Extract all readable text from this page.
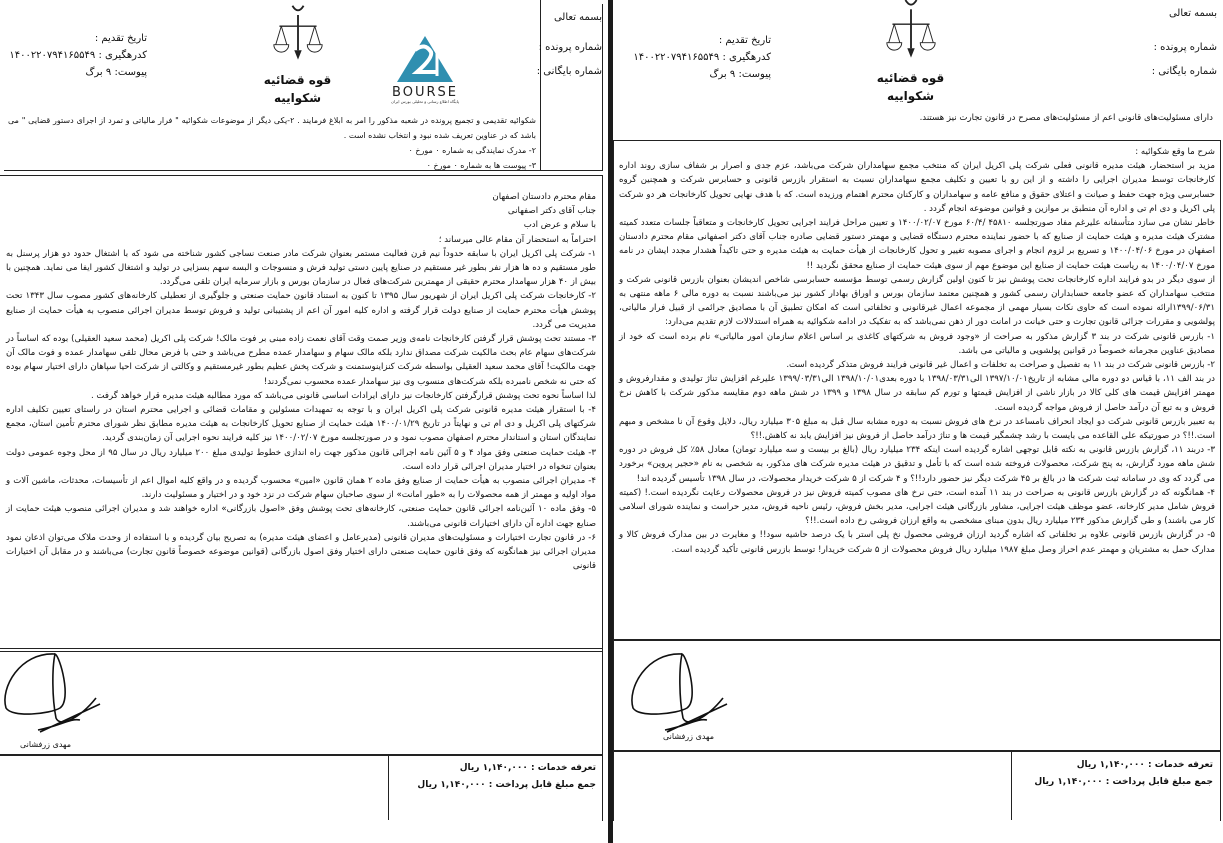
بسمه تعالی
شماره پرونده :
شماره بایگانی :
تاریخ تقدیم :
کدرهگیری : ۱۴۰۰۲۲۰۷۹۴۱۶۵۵۴۹
پیوست: ۹ برگ
قوه قضائیه
شکواییه	BOURSE
پایگاه اطلاع رسانی و تحلیلی بورس ایران

شکوائیه تقدیمی و تجمیع پرونده در شعبه مذکور را امر به ابلاغ فرمایند . ۲-یکی دیگر از موضوعات شکوائیه " فرار مالیاتی و تمرد از اجرای دستور قضایی " می باشد که در عناوین تعریف شده نبود و انتخاب نشده است .

۲- مدرک نمایندگی به شماره ۰ مورخ ۰

۳- پیوست ها به شماره ۰ مورخ ۰

مقام محترم دادستان اصفهان

جناب آقای دکتر اصفهانی

با سلام و عرض ادب

احتراماً به استحضار آن مقام عالی میرساند ؛

۱- شرکت پلی اکریل ایران با سابقه حدوداً نیم قرن فعالیت مستمر بعنوان شرکت مادر صنعت نساجی کشور شناخته می شود که با اشتغال حدود دو هزار پرسنل به طور مستقیم و ده ها هزار نفر بطور غیر مستقیم در صنایع پایین دستی تولید فرش و منسوجات و البسه سهم بسزایی در تولید و اشتغال کشور ایفا می نماید. همچنین با بیش از ۴۰ هزار سهامدار محترم حقیقی از مهمترین شرکت‌های فعال در سازمان بورس و بازار سرمایه ایران تلقی می‌گردد.

۲- کارخانجات شرکت پلی اکریل ایران از شهریور سال ۱۳۹۵ تا کنون به استناد قانون حمایت صنعتی و جلوگیری از تعطیلی کارخانه‌های کشور مصوب سال ۱۳۴۳ تحت پوشش هیأت محترم حمایت از صنایع دولت قرار گرفته و اداره کلیه امور آن اعم از پشتیبانی تولید و فروش توسط مدیران اجرائی منصوب به هیأت حمایت از صنایع مدیریت می گردد.

۳- مستند تحت پوشش قرار گرفتن کارخانجات نامه‌ی وزیر صمت وقت آقای نعمت زاده مبنی بر فوت مالک! شرکت پلی اکریل (محمد سعید العقیلی) بوده که اساساً در شرکت‌های سهام عام بحث مالکیت شرکت مصداق ندارد بلکه مالک سهام و سهامدار عمده مطرح می‌باشد و حتی با فرض محال تلقی سهامدار عمده و فوت مالک آن جهت مالکیت! آقای محمد سعید العقیلی بواسطه شرکت کنزاینوستمنت و شرکت پخش عظیم بطور غیرمستقیم و وکالتی از شرکت احیا سپاهان دارای اختیار سهام بوده که حتی نه شخص نامبرده بلکه شرکت‌های منسوب وی نیز سهامدار عمده محسوب نمی‌گردند!

لذا اساساً نحوه تحت پوشش قرارگرفتن کارخانجات نیز دارای ایرادات اساسی قانونی می‌باشد که مورد مطالبه هیئت مدیره قرار خواهد گرفت .

۴- با استقرار هیئت مدیره قانونی شرکت پلی اکریل ایران و با توجه به تمهیدات مسئولین و مقامات قضائی و اجرایی محترم استان در راستای تعیین تکلیف اداره شرکتهای پلی اکریل و دی ام تی و نهایتاً در تاریخ ۱۴۰۰/۰۱/۲۹ هیئت حمایت از صنایع تحویل کارخانجات به هیئت مدیره مطابق نظر شورای محترم تأمین استان، مجمع نمایندگان استان و استاندار محترم اصفهان مصوب نمود و در صورتجلسه مورخ ۱۴۰۰/۰۲/۰۷ نیز کلیه فرایند نحوه اجرایی آن زمان‌بندی گردید.

۳- هیئت حمایت صنعتی وفق مواد ۴ و ۵ آئین نامه اجرائی قانون مذکور جهت راه اندازی خطوط تولیدی مبلغ ۲۰۰ میلیارد ریال در سال ۹۵ از محل وجوه عمومی دولت بعنوان تنخواه در اختیار مدیران اجرائی قرار داده است.

۴- مدیران اجرائی منصوب به هیأت حمایت از صنایع وفق ماده ۲ همان قانون «امین» محسوب گردیده و در واقع کلیه اموال اعم از تأسیسات، محدثات، ماشین آلات و مواد اولیه و مهمتر از همه محصولات را به «طور امانت» از سوی صاحبان سهام شرکت در نزد خود و در اختیار و مسئولیت دارند.

۵- وفق ماده ۱۰ آئین‌نامه اجرائی قانون حمایت صنعتی، کارخانه‌های تحت پوشش وفق «اصول بازرگانی» اداره خواهند شد و مدیران اجرائی منصوب هیئت حمایت از صنایع جهت اداره آن دارای اختیارات قانونی می‌باشند.

۶- در قانون تجارت اختیارات و مسئولیت‌های مدیران قانونی (مدیرعامل و اعضای هیئت مدیره) به تصریح بیان گردیده و با استفاده از وحدت ملاک می‌توان اذعان نمود مدیران اجرائی نیز همانگونه که وفق قانون حمایت صنعتی دارای اختیار وفق اصول بازرگانی (قوانین موضوعه خصوصاً قانون تجارت) می‌باشند و در مقابل آن اختیارات قانونی

مهدی زرفشانی
تعرفه خدمات : ۱,۱۴۰,۰۰۰ ریال
جمع مبلغ قابل پرداخت : ۱,۱۴۰,۰۰۰ ریال
بسمه تعالی
شماره پرونده :
شماره بایگانی :
تاریخ تقدیم :
کدرهگیری : ۱۴۰۰۲۲۰۷۹۴۱۶۵۵۴۹
پیوست: ۹ برگ	قوه قضائیه
شکواییه
دارای مسئولیت‌های قانونی اعم از مسئولیت‌های مصرح در قانون تجارت نیز هستند.

شرح ما وقع شکوائیه :

مزید بر استحضار، هیئت مدیره قانونی فعلی شرکت پلی اکریل ایران که منتخب مجمع سهامداران شرکت می‌باشد، عزم جدی و اصرار بر شفاف سازی روند اداره کارخانجات توسط مدیران اجرایی را داشته و از این رو با تعیین و تکلیف مجمع سهامداران نسبت به استقرار بازرس قانونی و حسابرس شرکت و همچنین گروه حسابرسی ویژه جهت حفظ و صیانت و اعتلای حقوق و منافع عامه و سهامداران و کارکنان محترم اهتمام ورزیده است. که با هدف نهایی تحویل کارخانجات هر دو شرکت پلی اکریل و دی ام تی و اداره آن منطبق بر موازین و قوانین موضوعه انجام گردد .

خاطر نشان می سازد متأسفانه علیرغم مفاد صورتجلسه ۴۵۸۱۰ /۶۰/۴ مورخ ۱۴۰۰/۰۲/۰۷ و تعیین مراحل فرایند اجرایی تحویل کارخانجات و متعاقباً جلسات متعدد کمیته مشترک هیئت مدیره و هیئت حمایت از صنایع که با حضور نماینده محترم دستگاه قضایی و مهمتر دستور قضایی صادره جناب آقای دکتر اصفهانی مقام محترم دادستان اصفهان در مورخ ۱۴۰۰/۰۴/۰۶ و تسریع بر لزوم انجام و اجرای مصوبه تغییر و تحول کارخانجات از هیأت حمایت به هیئت مدیره و حتی تاکیداً هشدار مجدد ایشان در نامه مورخ ۱۴۰۰/۰۴/۰۷ به ریاست هیئت حمایت از صنایع این موضوع مهم از سوی هیئت حمایت از صنایع محقق نگردید !!

از سوی دیگر در بدو فرایند اداره کارخانجات تحت پوشش نیز تا کنون اولین گزارش رسمی توسط مؤسسه حسابرسی شاخص اندیشان بعنوان بازرس قانونی شرکت و منتخب سهامداران که عضو جامعه حسابداران رسمی کشور و همچنین معتمد سازمان بورس و اوراق بهادار کشور نیز می‌باشند نسبت به دوره مالی ۶ ماهه منتهی به ۱۳۹۹/۰۶/۳۱ارائه نموده است که حاوی نکات بسیار مهمی از مجموعه اعمال غیرقانونی و تخلفاتی است که امکان تطبیق آن با مصادیق جرائمی از قبیل فرار مالیاتی، پولشویی و مقررات جزائی قانون تجارت و حتی خیانت در امانت دور از ذهن نمی‌باشد که به تفکیک در ادامه شکوائیه به همراه استدلالات لازم تقدیم می‌دارد:

۱- بازرس قانونی شرکت در بند ۳ گزارش مذکور به صراحت از «وجود فروش به شرکتهای کاغذی بر اساس اعلام سازمان امور مالیاتی» نام برده است که خود از مصادیق عناوین مجرمانه خصوصاً در قوانین پولشویی و مالیاتی می باشد.

۲- بازرس قانونی شرکت در بند ۱۱ به تفصیل و صراحت به تخلفات و اعمال غیر قانونی فرایند فروش متذکر گردیده است.

در بند الف ۱۱، با قیاس دو دوره مالی مشابه از تاریخ۱۳۹۷/۱۰/۰۱ الی۱۳۹۸/۰۳/۳۱ با دوره بعدی۱۳۹۸/۱۰/۰۱ الی۱۳۹۹/۰۳/۳۱ علیرغم افزایش تناژ تولیدی و مقدارفروش و مهمتر افزایش قیمت های کلی کالا در بازار ناشی از افزایش قیمتها و تورم کم سابقه در سال ۱۳۹۸ و ۱۳۹۹ در شش ماهه دوم مقایسه مذکور شرکت با کاهش نرخ فروش و به تبع آن درآمد حاصل از فروش مواجه گردیده است.

به تعبیر بازرس قانونی شرکت دو ایجاد انحراف نامساعد در نرخ های فروش نسبت به دوره مشابه سال قبل به مبلغ ۳۰۵ میلیارد ریال، دلایل وقوع آن نا مشخص و مبهم است.!!؟ در صورتیکه علی القاعده می بایست با رشد چشمگیر قیمت ها و تناژ درآمد حاصل از فروش نیز افزایش یابد نه کاهش.!!؟

۳- دربند ۱۱، گزارش بازرس قانونی به نکته قابل توجهی اشاره گردیده است اینکه ۲۳۴ میلیارد ریال (بالغ بر بیست و سه میلیارد تومان) معادل ۵۸٪ کل فروش در دوره شش ماهه مورد گزارش، به پنج شرکت، محصولات فروخته شده است که با تأمل و تدقیق در هیئت مدیره شرکت های مذکور، به شخصی به نام «حجیر پروین» برخورد می گردد که وی در سامانه ثبت شرکت ها در بالغ بر ۴۵ شرکت دیگر نیز حضور دارد!!؟ و ۴ شرکت از ۵ شرکت خریدار محصولات، در سال ۱۳۹۸ تأسیس گردیده اند!

۴- همانگونه که در گزارش بازرس قانونی به صراحت در بند ۱۱ آمده است، حتی نرخ های مصوب کمیته فروش نیز در فروش محصولات رعایت نگردیده است.! (کمیته فروش شامل مدیر کارخانه، عضو موظف هیئت اجرایی، مشاور بازرگانی هیئت اجرایی، مدیر بخش فروش، رئیس ناحیه فروش، مدیر حراست و نماینده شورای اسلامی کار می باشند) و طی گزارش مذکور ۲۳۴ میلیارد ریال بدون مبنای مشخصی به واقع ارزان فروشی رخ داده است.!!؟

۵- در گزارش بازرس قانونی علاوه بر تخلفاتی که اشاره گردید ارزان فروشی محصول نخ پلی استر با یک درصد حاشیه سود!! و مغایرت در بین مدارک فروش کالا و مدارک حمل به مشتریان و مهمتر عدم احراز وصل مبلغ ۱۹۸۷ میلیارد ریال فروش محصولات از ۵ شرکت خریدار! توسط بازرس قانونی تأکید گردیده است.

مهدی زرفشانی
تعرفه خدمات : ۱,۱۴۰,۰۰۰ ریال
جمع مبلغ قابل پرداخت : ۱,۱۴۰,۰۰۰ ریال
